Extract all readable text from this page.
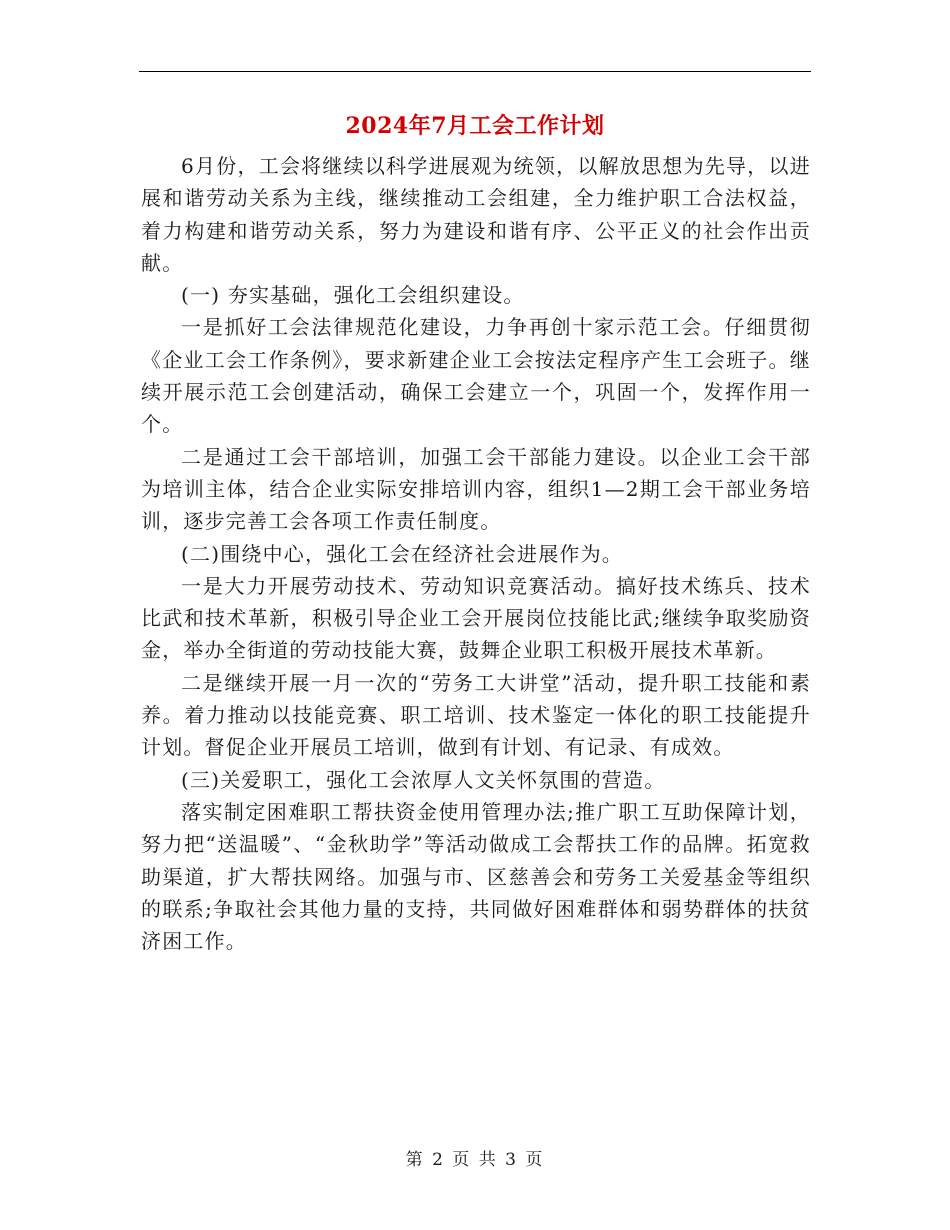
2024年7月工会工作计划

6月份，工会将继续以科学进展观为统领，以解放思想为先导，以进展和谐劳动关系为主线，继续推动工会组建，全力维护职工合法权益，着力构建和谐劳动关系，努力为建设和谐有序、公平正义的社会作出贡献。

(一) 夯实基础，强化工会组织建设。

一是抓好工会法律规范化建设，力争再创十家示范工会。仔细贯彻《企业工会工作条例》，要求新建企业工会按法定程序产生工会班子。继续开展示范工会创建活动，确保工会建立一个，巩固一个，发挥作用一个。

二是通过工会干部培训，加强工会干部能力建设。以企业工会干部为培训主体，结合企业实际安排培训内容，组织1—2期工会干部业务培训，逐步完善工会各项工作责任制度。

(二)围绕中心，强化工会在经济社会进展作为。

一是大力开展劳动技术、劳动知识竞赛活动。搞好技术练兵、技术比武和技术革新，积极引导企业工会开展岗位技能比武;继续争取奖励资金，举办全街道的劳动技能大赛，鼓舞企业职工积极开展技术革新。

二是继续开展一月一次的“劳务工大讲堂”活动，提升职工技能和素养。着力推动以技能竞赛、职工培训、技术鉴定一体化的职工技能提升计划。督促企业开展员工培训，做到有计划、有记录、有成效。

(三)关爱职工，强化工会浓厚人文关怀氛围的营造。

落实制定困难职工帮扶资金使用管理办法;推广职工互助保障计划，努力把“送温暖”、“金秋助学”等活动做成工会帮扶工作的品牌。拓宽救助渠道，扩大帮扶网络。加强与市、区慈善会和劳务工关爱基金等组织的联系;争取社会其他力量的支持，共同做好困难群体和弱势群体的扶贫济困工作。

第 2 页 共 3 页
